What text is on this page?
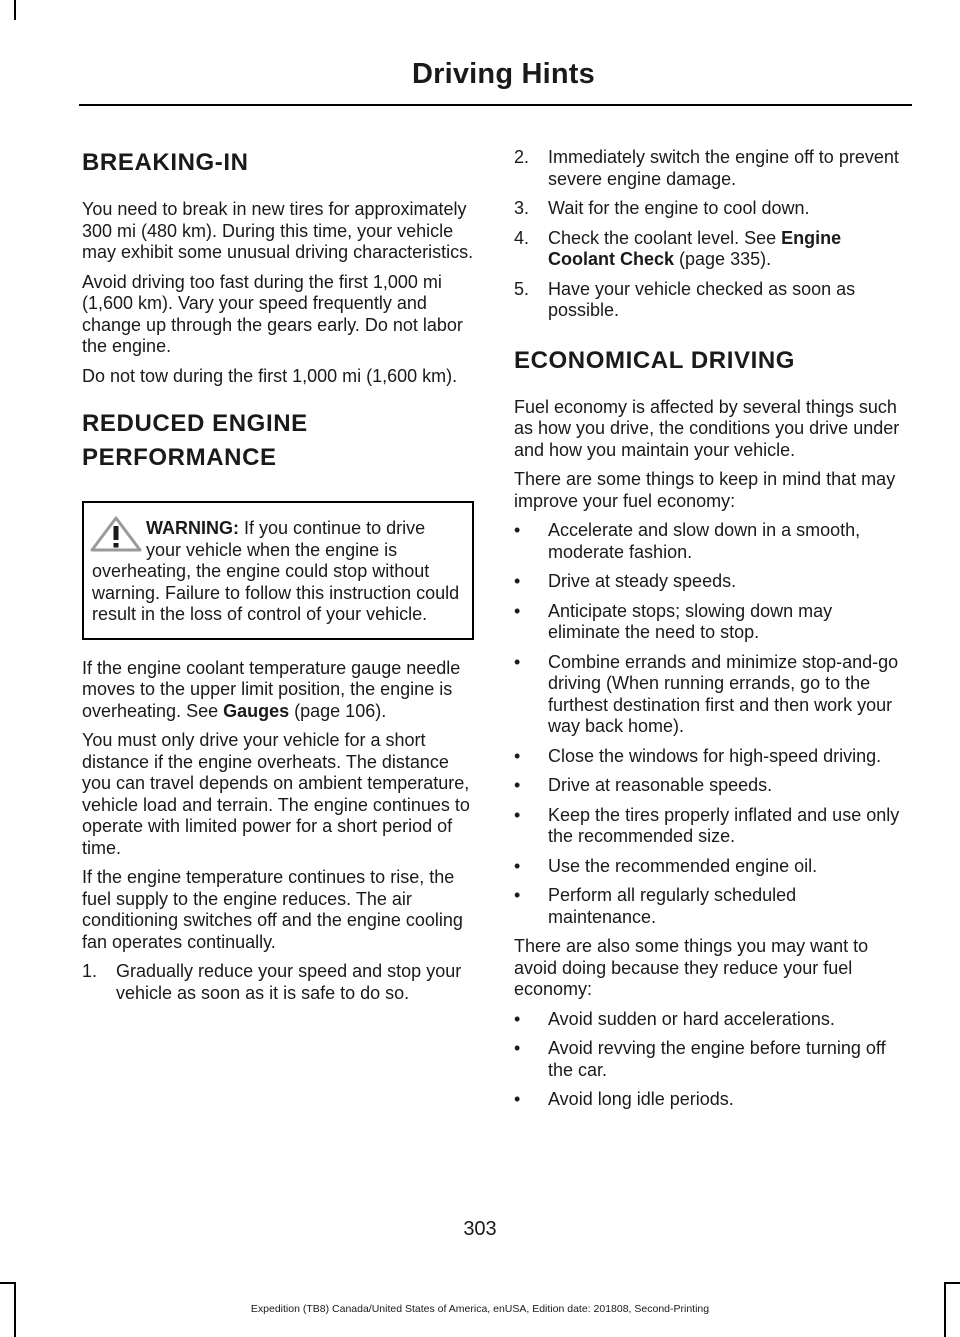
Driving Hints
BREAKING-IN

You need to break in new tires for approximately 300 mi (480 km). During this time, your vehicle may exhibit some unusual driving characteristics.

Avoid driving too fast during the first 1,000 mi (1,600 km). Vary your speed frequently and change up through the gears early. Do not labor the engine.

Do not tow during the first 1,000 mi (1,600 km).

REDUCED ENGINE
PERFORMANCE

WARNING: If you continue to drive your vehicle when the engine is overheating, the engine could stop without warning. Failure to follow this instruction could result in the loss of control of your vehicle.

If the engine coolant temperature gauge needle moves to the upper limit position, the engine is overheating. See Gauges (page 106).

You must only drive your vehicle for a short distance if the engine overheats. The distance you can travel depends on ambient temperature, vehicle load and terrain. The engine continues to operate with limited power for a short period of time.

If the engine temperature continues to rise, the fuel supply to the engine reduces. The air conditioning switches off and the engine cooling fan operates continually.

1. Gradually reduce your speed and stop your vehicle as soon as it is safe to do so.
2. Immediately switch the engine off to prevent severe engine damage.
3. Wait for the engine to cool down.
4. Check the coolant level. See Engine Coolant Check (page 335).
5. Have your vehicle checked as soon as possible.
ECONOMICAL DRIVING

Fuel economy is affected by several things such as how you drive, the conditions you drive under and how you maintain your vehicle.

There are some things to keep in mind that may improve your fuel economy:

• Accelerate and slow down in a smooth, moderate fashion.
• Drive at steady speeds.
• Anticipate stops; slowing down may eliminate the need to stop.
• Combine errands and minimize stop-and-go driving (When running errands, go to the furthest destination first and then work your way back home).
• Close the windows for high-speed driving.
• Drive at reasonable speeds.
• Keep the tires properly inflated and use only the recommended size.
• Use the recommended engine oil.
• Perform all regularly scheduled maintenance.

There are also some things you may want to avoid doing because they reduce your fuel economy:

• Avoid sudden or hard accelerations.
• Avoid revving the engine before turning off the car.
• Avoid long idle periods.
303
Expedition (TB8) Canada/United States of America, enUSA, Edition date: 201808, Second-Printing
